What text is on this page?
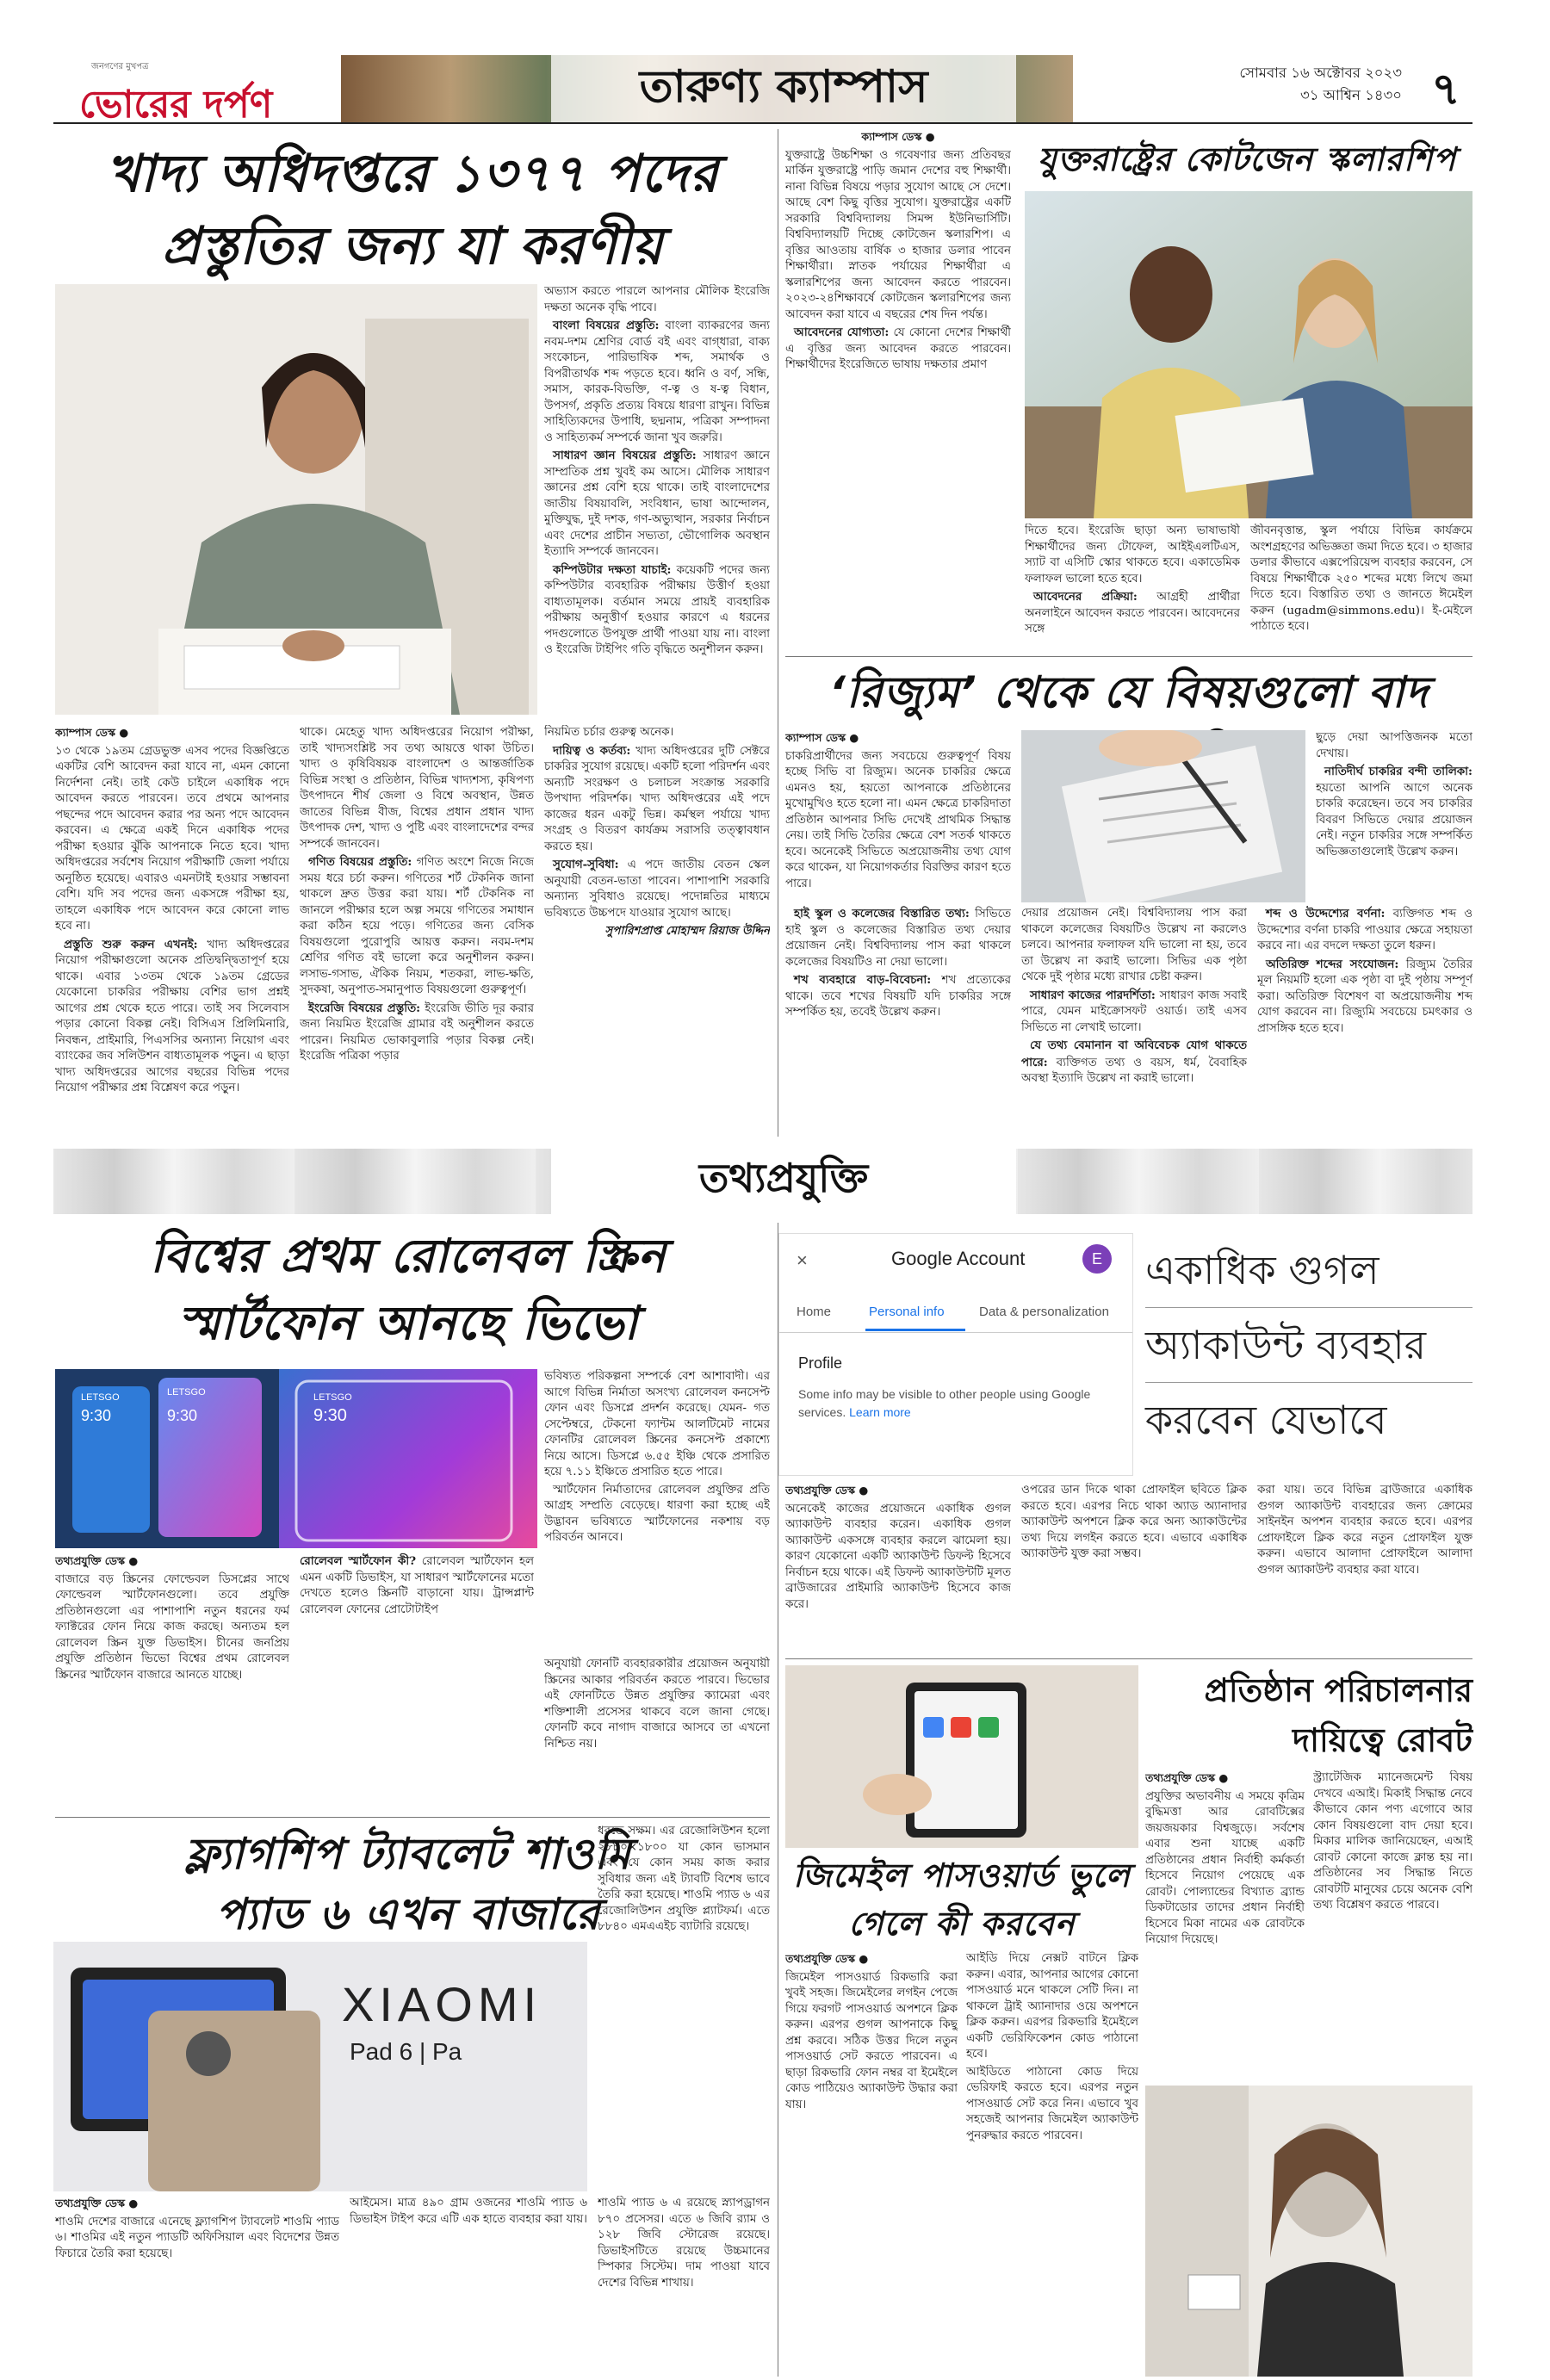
জনগণের মুখপত্র
ভোরের দর্পণ	তারুণ্য ক্যাম্পাস	সোমবার ১৬ অক্টোবর ২০২৩
৩১ আশ্বিন ১৪৩০ ৭
খাদ্য অধিদপ্তরে ১৩৭৭ পদের
প্রস্তুতির জন্য যা করণীয়

অভ্যাস করতে পারলে আপনার মৌলিক ইংরেজি দক্ষতা অনেক বৃদ্ধি পাবে।

বাংলা বিষয়ের প্রস্তুতি: বাংলা ব্যাকরণের জন্য নবম-দশম শ্রেণির বোর্ড বই এবং বাগ্‌ধারা, বাক্য সংকোচন, পারিভাষিক শব্দ, সমার্থক ও বিপরীতার্থক শব্দ পড়তে হবে। ধ্বনি ও বর্ণ, সন্ধি, সমাস, কারক-বিভক্তি, ণ-ত্ব ও ষ-ত্ব বিধান, উপসর্গ, প্রকৃতি প্রত্যয় বিষয়ে ধারণা রাখুন। বিভিন্ন সাহিত্যিকদের উপাধি, ছদ্মনাম, পত্রিকা সম্পাদনা ও সাহিত্যকর্ম সম্পর্কে জানা খুব জরুরি।

সাধারণ জ্ঞান বিষয়ের প্রস্তুতি: সাধারণ জ্ঞানে সাম্প্রতিক প্রশ্ন খুবই কম আসে। মৌলিক সাধারণ জ্ঞানের প্রশ্ন বেশি হয়ে থাকে। তাই বাংলাদেশের জাতীয় বিষয়াবলি, সংবিধান, ভাষা আন্দোলন, মুক্তিযুদ্ধ, দুই দশক, গণ-অভ্যুত্থান, সরকার নির্বাচন এবং দেশের প্রাচীন সভ্যতা, ভৌগোলিক অবস্থান ইত্যাদি সম্পর্কে জানবেন।

কম্পিউটার দক্ষতা যাচাই: কয়েকটি পদের জন্য কম্পিউটার ব্যবহারিক পরীক্ষায় উত্তীর্ণ হওয়া বাধ্যতামূলক। বর্তমান সময়ে প্রায়ই ব্যবহারিক পরীক্ষায় অনুত্তীর্ণ হওয়ার কারণে এ ধরনের পদগুলোতে উপযুক্ত প্রার্থী পাওয়া যায় না। বাংলা ও ইংরেজি টাইপিং গতি বৃদ্ধিতে অনুশীলন করুন।

ক্যাম্পাস ডেস্ক ●

১৩ থেকে ১৯তম গ্রেডভুক্ত এসব পদের বিজ্ঞপ্তিতে একটির বেশি আবেদন করা যাবে না, এমন কোনো নির্দেশনা নেই। তাই কেউ চাইলে একাধিক পদে আবেদন করতে পারবেন। তবে প্রথমে আপনার পছন্দের পদে আবেদন করার পর অন্য পদে আবেদন করবেন। এ ক্ষেত্রে একই দিনে একাধিক পদের পরীক্ষা হওয়ার ঝুঁকি আপনাকে নিতে হবে। খাদ্য অধিদপ্তরের সর্বশেষ নিয়োগ পরীক্ষাটি জেলা পর্যায়ে অনুষ্ঠিত হয়েছে। এবারও এমনটাই হওয়ার সম্ভাবনা বেশি। যদি সব পদের জন্য একসঙ্গে পরীক্ষা হয়, তাহলে একাধিক পদে আবেদন করে কোনো লাভ হবে না।

প্রস্তুতি শুরু করুন এখনই: খাদ্য অধিদপ্তরের নিয়োগ পরীক্ষাগুলো অনেক প্রতিদ্বন্দ্বিতাপূর্ণ হয়ে থাকে। এবার ১৩তম থেকে ১৯তম গ্রেডের যেকোনো চাকরির পরীক্ষায় বেশির ভাগ প্রশ্নই আগের প্রশ্ন থেকে হতে পারে। তাই সব সিলেবাস পড়ার কোনো বিকল্প নেই। বিসিএস প্রিলিমিনারি, নিবন্ধন, প্রাইমারি, পিএসসির অন্যান্য নিয়োগ এবং ব্যাংকের জব সলিউশন বাধ্যতামূলক পড়ুন। এ ছাড়া খাদ্য অধিদপ্তরের আগের বছরের বিভিন্ন পদের নিয়োগ পরীক্ষার প্রশ্ন বিশ্লেষণ করে পড়ুন।

থাকে। মেহেতু খাদ্য অধিদপ্তরের নিয়োগ পরীক্ষা, তাই খাদ্যসংশ্লিষ্ট সব তথ্য আয়ত্তে থাকা উচিত। খাদ্য ও কৃষিবিষয়ক বাংলাদেশ ও আন্তর্জাতিক বিভিন্ন সংস্থা ও প্রতিষ্ঠান, বিভিন্ন খাদ্যশস্য, কৃষিপণ্য উৎপাদনে শীর্ষ জেলা ও বিশ্বে অবস্থান, উন্নত জাতের বিভিন্ন বীজ, বিশ্বের প্রধান প্রধান খাদ্য উৎপাদক দেশ, খাদ্য ও পুষ্টি এবং বাংলাদেশের বন্দর সম্পর্কে জানবেন।

গণিত বিষয়ের প্রস্তুতি: গণিত অংশে নিজে নিজে সময় ধরে চর্চা করুন। গণিতের শর্ট টেকনিক জানা থাকলে দ্রুত উত্তর করা যায়। শর্ট টেকনিক না জানলে পরীক্ষার হলে অল্প সময়ে গণিতের সমাধান করা কঠিন হয়ে পড়ে। গণিতের জন্য বেসিক বিষয়গুলো পুরোপুরি আয়ত্ত করুন। নবম-দশম শ্রেণির গণিত বই ভালো করে অনুশীলন করুন। লসাভ-গসাভ, ঐকিক নিয়ম, শতকরা, লাভ-ক্ষতি, সুদকষা, অনুপাত-সমানুপাত বিষয়গুলো গুরুত্বপূর্ণ।

ইংরেজি বিষয়ের প্রস্তুতি: ইংরেজি ভীতি দূর করার জন্য নিয়মিত ইংরেজি গ্রামার বই অনুশীলন করতে পারেন। নিয়মিত ভোকাবুলারি পড়ার বিকল্প নেই। ইংরেজি পত্রিকা পড়ার

নিয়মিত চর্চার গুরুত্ব অনেক।

দায়িত্ব ও কর্তব্য: খাদ্য অধিদপ্তরের দুটি সেক্টরে চাকরির সুযোগ রয়েছে। একটি হলো পরিদর্শন এবং অন্যটি সংরক্ষণ ও চলাচল সংক্রান্ত সরকারি উপখাদ্য পরিদর্শক। খাদ্য অধিদপ্তরের এই পদে কাজের ধরন একটু ভিন্ন। কর্মস্থল পর্যায়ে খাদ্য সংগ্রহ ও বিতরণ কার্যক্রম সরাসরি তত্ত্বাবধান করতে হয়।

সুযোগ-সুবিধা: এ পদে জাতীয় বেতন স্কেল অনুযায়ী বেতন-ভাতা পাবেন। পাশাপাশি সরকারি অন্যান্য সুবিধাও রয়েছে। পদোন্নতির মাধ্যমে ভবিষ্যতে উচ্চপদে যাওয়ার সুযোগ আছে।

সুপারিশপ্রাপ্ত মোহাম্মদ রিয়াজ উদ্দিন

ক্যাম্পাস ডেস্ক ●

যুক্তরাষ্ট্রে উচ্চশিক্ষা ও গবেষণার জন্য প্রতিবছর মার্কিন যুক্তরাষ্ট্রে পাড়ি জমান দেশের বহু শিক্ষার্থী। নানা বিভিন্ন বিষয়ে পড়ার সুযোগ আছে সে দেশে। আছে বেশ কিছু বৃত্তির সুযোগ। যুক্তরাষ্ট্রের একটি সরকারি বিশ্ববিদ্যালয় সিমন্স ইউনিভার্সিটি। বিশ্ববিদ্যালয়টি দিচ্ছে কোটজেন স্কলারশিপ। এ বৃত্তির আওতায় বার্ষিক ৩ হাজার ডলার পাবেন শিক্ষার্থীরা। স্নাতক পর্যায়ের শিক্ষার্থীরা এ স্কলারশিপের জন্য আবেদন করতে পারবেন। ২০২৩-২৪শিক্ষাবর্ষে কোটজেন স্কলারশিপের জন্য আবেদন করা যাবে এ বছরের শেষ দিন পর্যন্ত।

আবেদনের যোগ্যতা: যে কোনো দেশের শিক্ষার্থী এ বৃত্তির জন্য আবেদন করতে পারবেন। শিক্ষার্থীদের ইংরেজিতে ভাষায় দক্ষতার প্রমাণ

যুক্তরাষ্ট্রের কোটজেন স্কলারশিপ

দিতে হবে। ইংরেজি ছাড়া অন্য ভাষাভাষী শিক্ষার্থীদের জন্য টোফেল, আইইএলটিএস, স্যাট বা এসিটি স্কোর থাকতে হবে। একাডেমিক ফলাফল ভালো হতে হবে।

আবেদনের প্রক্রিয়া: আগ্রহী প্রার্থীরা অনলাইনে আবেদন করতে পারবেন। আবেদনের সঙ্গে

জীবনবৃত্তান্ত, স্কুল পর্যায়ে বিভিন্ন কার্যক্রমে অংশগ্রহণের অভিজ্ঞতা জমা দিতে হবে। ৩ হাজার ডলার কীভাবে এক্সপেরিয়েন্স ব্যবহার করবেন, সে বিষয়ে শিক্ষার্থীকে ২৫০ শব্দের মধ্যে লিখে জমা দিতে হবে। বিস্তারিত তথ্য ও জানতে ঈমেইল করুন (ugadm@simmons.edu)। ই-মেইলে পাঠাতে হবে।

‘রিজ্যুম’ থেকে যে বিষয়গুলো বাদ

ক্যাম্পাস ডেস্ক ●

চাকরিপ্রার্থীদের জন্য সবচেয়ে গুরুত্বপূর্ণ বিষয় হচ্ছে সিভি বা রিজ্যুম। অনেক চাকরির ক্ষেত্রে এমনও হয়, হয়তো আপনাকে প্রতিষ্ঠানের মুখোমুখিও হতে হলো না। এমন ক্ষেত্রে চাকরিদাতা প্রতিষ্ঠান আপনার সিভি দেখেই প্রাথমিক সিদ্ধান্ত নেয়। তাই সিভি তৈরির ক্ষেত্রে বেশ সতর্ক থাকতে হবে। অনেকেই সিভিতে অপ্রয়োজনীয় তথ্য যোগ করে থাকেন, যা নিয়োগকর্তার বিরক্তির কারণ হতে পারে।

ছুড়ে দেয়া আপত্তিজনক মতো দেখায়।

নাতিদীর্ঘ চাকরির বন্দী তালিকা: হয়তো আপনি আগে অনেক চাকরি করেছেন। তবে সব চাকরির বিবরণ সিভিতে দেয়ার প্রয়োজন নেই। নতুন চাকরির সঙ্গে সম্পর্কিত অভিজ্ঞতাগুলোই উল্লেখ করুন।

হাই স্কুল ও কলেজের বিস্তারিত তথ্য: সিভিতে হাই স্কুল ও কলেজের বিস্তারিত তথ্য দেয়ার প্রয়োজন নেই। বিশ্ববিদ্যালয় পাস করা থাকলে কলেজের বিষয়টিও না দেয়া ভালো।

শখ ব্যবহারে বাড়-বিবেচনা: শখ প্রত্যেকের থাকে। তবে শখের বিষয়টি যদি চাকরির সঙ্গে সম্পর্কিত হয়, তবেই উল্লেখ করুন।

দেয়ার প্রয়োজন নেই। বিশ্ববিদ্যালয় পাস করা থাকলে কলেজের বিষয়টিও উল্লেখ না করলেও চলবে। আপনার ফলাফল যদি ভালো না হয়, তবে তা উল্লেখ না করাই ভালো। সিভির এক পৃষ্ঠা থেকে দুই পৃষ্ঠার মধ্যে রাখার চেষ্টা করুন।

সাধারণ কাজের পারদর্শিতা: সাধারণ কাজ সবাই পারে, যেমন মাইক্রোসফট ওয়ার্ড। তাই এসব সিভিতে না লেখাই ভালো।

যে তথ্য বেমানান বা অবিবেচক যোগ থাকতে পারে: ব্যক্তিগত তথ্য ও বয়স, ধর্ম, বৈবাহিক অবস্থা ইত্যাদি উল্লেখ না করাই ভালো।

শব্দ ও উদ্দেশ্যের বর্ণনা: ব্যক্তিগত শব্দ ও উদ্দেশ্যের বর্ণনা চাকরি পাওয়ার ক্ষেত্রে সহায়তা করবে না। এর বদলে দক্ষতা তুলে ধরুন।

অতিরিক্ত শব্দের সংযোজন: রিজ্যুম তৈরির মূল নিয়মটি হলো এক পৃষ্ঠা বা দুই পৃষ্ঠায় সম্পূর্ণ করা। অতিরিক্ত বিশেষণ বা অপ্রয়োজনীয় শব্দ যোগ করবেন না। রিজ্যুমি সবচেয়ে চমৎকার ও প্রাসঙ্গিক হতে হবে।

তথ্যপ্রযুক্তি
বিশ্বের প্রথম রোলেবল স্ক্রিন
স্মার্টফোন আনছে ভিভো
9:30	9:30
LETSGO	LETSGO
9:30
LETSGO

তথ্যপ্রযুক্তি ডেস্ক ●

বাজারে বড় স্ক্রিনের ফোল্ডেবল ডিসপ্লের সাথে ফোল্ডেবল স্মার্টফোনগুলো। তবে প্রযুক্তি প্রতিষ্ঠানগুলো এর পাশাপাশি নতুন ধরনের ফর্ম ফ্যাক্টরের ফোন নিয়ে কাজ করছে। অন্যতম হল রোলেবল স্ক্রিন যুক্ত ডিভাইস। চীনের জনপ্রিয় প্রযুক্তি প্রতিষ্ঠান ভিভো বিশ্বের প্রথম রোলেবল স্ক্রিনের স্মার্টফোন বাজারে আনতে যাচ্ছে।

রোলেবল স্মার্টফোন কী? রোলেবল স্মার্টফোন হল এমন একটি ডিভাইস, যা সাধারণ স্মার্টফোনের মতো দেখতে হলেও স্ক্রিনটি বাড়ানো যায়। ট্রান্সপ্লান্ট রোলেবল ফোনের প্রোটোটাইপ

ভবিষ্যত পরিকল্পনা সম্পর্কে বেশ আশাবাদী। এর আগে বিভিন্ন নির্মাতা অসংখ্য রোলেবল কনসেপ্ট ফোন এবং ডিসপ্লে প্রদর্শন করেছে। যেমন- গত সেপ্টেম্বরে, টেকনো ফ্যান্টম আলটিমেট নামের ফোনটির রোলেবল স্ক্রিনের কনসেপ্ট প্রকাশ্যে নিয়ে আসে। ডিসপ্লে ৬.৫৫ ইঞ্চি থেকে প্রসারিত হয়ে ৭.১১ ইঞ্চিতে প্রসারিত হতে পারে।

স্মার্টফোন নির্মাতাদের রোলেবল প্রযুক্তির প্রতি আগ্রহ সম্প্রতি বেড়েছে। ধারণা করা হচ্ছে এই উদ্ভাবন ভবিষ্যতে স্মার্টফোনের নকশায় বড় পরিবর্তন আনবে।

অনুযায়ী ফোনটি ব্যবহারকারীর প্রয়োজন অনুযায়ী স্ক্রিনের আকার পরিবর্তন করতে পারবে। ভিভোর এই ফোনটিতে উন্নত প্রযুক্তির ক্যামেরা এবং শক্তিশালী প্রসেসর থাকবে বলে জানা গেছে। ফোনটি কবে নাগাদ বাজারে আসবে তা এখনো নিশ্চিত নয়।

ফ্ল্যাগশিপ ট্যাবলেট শাওমি
প্যাড ৬ এখন বাজারে
XIAOMI
Pad 6 | Pa

তথ্যপ্রযুক্তি ডেস্ক ●

শাওমি দেশের বাজারে এনেছে ফ্ল্যাগশিপ ট্যাবলেট শাওমি প্যাড ৬। শাওমির এই নতুন প্যাডটি অফিসিয়াল এবং বিদেশের উন্নত ফিচারে তৈরি করা হয়েছে।

আইমেস। মাত্র ৪৯০ গ্রাম ওজনের শাওমি প্যাড ৬ ডিভাইস টাইপ করে এটি এক হাতে ব্যবহার করা যায়।

ধরতে সক্ষম। এর রেজোলিউশন হলো ২৮৮০×১৮০০ যা কোন ভাসমান এবং যে কোন সময় কাজ করার সুবিধার জন্য এই ট্যাবটি বিশেষ ভাবে তৈরি করা হয়েছে। শাওমি প্যাড ৬ এর রেজোলিউশন প্রযুক্তি প্ল্যাটফর্ম। এতে ৮৮৪০ এমএএইচ ব্যাটারি রয়েছে।

শাওমি প্যাড ৬ এ রয়েছে স্ন্যাপড্রাগন ৮৭০ প্রসেসর। এতে ৬ জিবি র‌্যাম ও ১২৮ জিবি স্টোরেজ রয়েছে। ডিভাইসটিতে রয়েছে উচ্চমানের স্পিকার সিস্টেম। দাম পাওয়া যাবে দেশের বিভিন্ন শাখায়।

×	Google Account	E
Home	Personal info	Data & personalization
Profile
Some info may be visible to other people using Google services. Learn more
একাধিক গুগল
অ্যাকাউন্ট ব্যবহার
করবেন যেভাবে

তথ্যপ্রযুক্তি ডেস্ক ●

অনেকেই কাজের প্রয়োজনে একাধিক গুগল অ্যাকাউন্ট ব্যবহার করেন। একাধিক গুগল অ্যাকাউন্ট একসঙ্গে ব্যবহার করলে ঝামেলা হয়। কারণ যেকোনো একটি অ্যাকাউন্ট ডিফল্ট হিসেবে নির্বাচন হয়ে থাকে। এই ডিফল্ট অ্যাকাউন্টটি মূলত ব্রাউজারের প্রাইমারি অ্যাকাউন্ট হিসেবে কাজ করে।

ওপরের ডান দিকে থাকা প্রোফাইল ছবিতে ক্লিক করতে হবে। এরপর নিচে থাকা অ্যাড অ্যানাদার অ্যাকাউন্ট অপশনে ক্লিক করে অন্য অ্যাকাউন্টের তথ্য দিয়ে লগইন করতে হবে। এভাবে একাধিক অ্যাকাউন্ট যুক্ত করা সম্ভব।

করা যায়। তবে বিভিন্ন ব্রাউজারে একাধিক গুগল অ্যাকাউন্ট ব্যবহারের জন্য ক্রোমের সাইনইন অপশন ব্যবহার করতে হবে। এরপর প্রোফাইলে ক্লিক করে নতুন প্রোফাইল যুক্ত করুন। এভাবে আলাদা প্রোফাইলে আলাদা গুগল অ্যাকাউন্ট ব্যবহার করা যাবে।

প্রতিষ্ঠান পরিচালনার
দায়িত্বে রোবট

তথ্যপ্রযুক্তি ডেস্ক ●

প্রযুক্তির অভাবনীয় এ সময়ে কৃত্রিম বুদ্ধিমত্তা আর রোবটিক্সের জয়জয়কার বিশ্বজুড়ে। সর্বশেষ এবার শুনা যাচ্ছে একটি প্রতিষ্ঠানের প্রধান নির্বাহী কর্মকর্তা হিসেবে নিয়োগ পেয়েছে এক রোবট। পোল্যান্ডের বিখ্যাত ব্র্যান্ড ডিকটাডোর তাদের প্রধান নির্বাহী হিসেবে মিকা নামের এক রোবটকে নিয়োগ দিয়েছে।

স্ট্র্যাটেজিক ম্যানেজমেন্ট বিষয় দেখবে এআই। মিকাই সিদ্ধান্ত নেবে কীভাবে কোন পণ্য এগোবে আর কোন বিষয়গুলো বাদ দেয়া হবে। মিকার মালিক জানিয়েছেন, এআই রোবট কোনো কাজে ক্লান্ত হয় না। প্রতিষ্ঠানের সব সিদ্ধান্ত নিতে রোবটটি মানুষের চেয়ে অনেক বেশি তথ্য বিশ্লেষণ করতে পারবে।

জিমেইল পাসওয়ার্ড ভুলে
গেলে কী করবেন

তথ্যপ্রযুক্তি ডেস্ক ●

জিমেইল পাসওয়ার্ড রিকভারি করা খুবই সহজ। জিমেইলের লগইন পেজে গিয়ে ফরগট পাসওয়ার্ড অপশনে ক্লিক করুন। এরপর গুগল আপনাকে কিছু প্রশ্ন করবে। সঠিক উত্তর দিলে নতুন পাসওয়ার্ড সেট করতে পারবেন। এ ছাড়া রিকভারি ফোন নম্বর বা ইমেইলে কোড পাঠিয়েও অ্যাকাউন্ট উদ্ধার করা যায়।

আইডি দিয়ে নেক্সট বাটনে ক্লিক করুন। এবার, আপনার আগের কোনো পাসওয়ার্ড মনে থাকলে সেটি দিন। না থাকলে ট্রাই অ্যানাদার ওয়ে অপশনে ক্লিক করুন। এরপর রিকভারি ইমেইলে একটি ভেরিফিকেশন কোড পাঠানো হবে।

আইডিতে পাঠানো কোড দিয়ে ভেরিফাই করতে হবে। এরপর নতুন পাসওয়ার্ড সেট করে নিন। এভাবে খুব সহজেই আপনার জিমেইল অ্যাকাউন্ট পুনরুদ্ধার করতে পারবেন।
